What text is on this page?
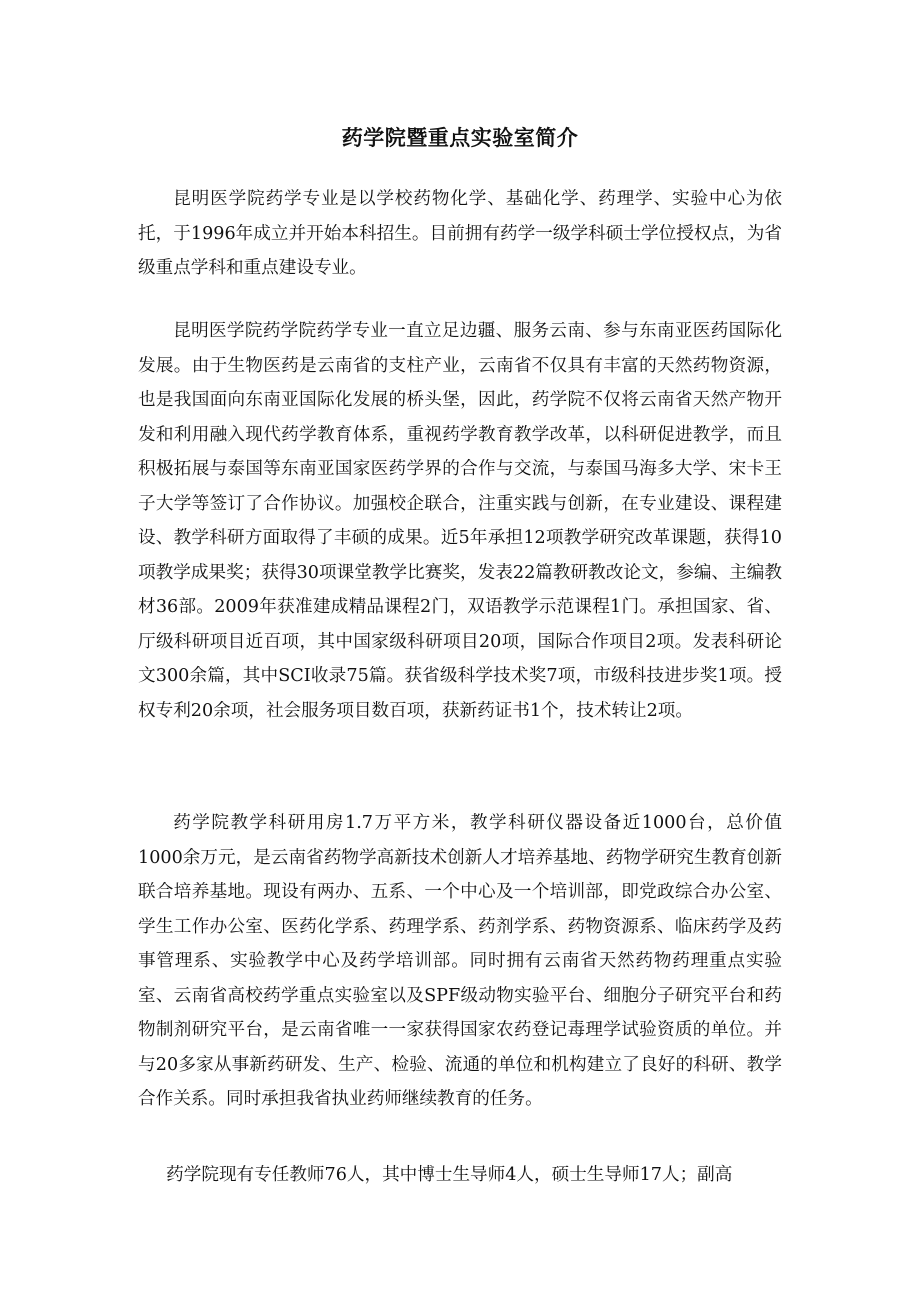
药学院暨重点实验室简介

昆明医学院药学专业是以学校药物化学、基础化学、药理学、实验中心为依托，于1996年成立并开始本科招生。目前拥有药学一级学科硕士学位授权点，为省级重点学科和重点建设专业。

昆明医学院药学院药学专业一直立足边疆、服务云南、参与东南亚医药国际化发展。由于生物医药是云南省的支柱产业，云南省不仅具有丰富的天然药物资源，也是我国面向东南亚国际化发展的桥头堡，因此，药学院不仅将云南省天然产物开发和利用融入现代药学教育体系，重视药学教育教学改革，以科研促进教学，而且积极拓展与泰国等东南亚国家医药学界的合作与交流，与泰国马海多大学、宋卡王子大学等签订了合作协议。加强校企联合，注重实践与创新，在专业建设、课程建设、教学科研方面取得了丰硕的成果。近5年承担12项教学研究改革课题，获得10项教学成果奖；获得30项课堂教学比赛奖，发表22篇教研教改论文，参编、主编教材36部。2009年获准建成精品课程2门，双语教学示范课程1门。承担国家、省、厅级科研项目近百项，其中国家级科研项目20项，国际合作项目2项。发表科研论文300余篇，其中SCI收录75篇。获省级科学技术奖7项，市级科技进步奖1项。授权专利20余项，社会服务项目数百项，获新药证书1个，技术转让2项。

药学院教学科研用房1.7万平方米，教学科研仪器设备近1000台，总价值1000余万元，是云南省药物学高新技术创新人才培养基地、药物学研究生教育创新联合培养基地。现设有两办、五系、一个中心及一个培训部，即党政综合办公室、学生工作办公室、医药化学系、药理学系、药剂学系、药物资源系、临床药学及药事管理系、实验教学中心及药学培训部。同时拥有云南省天然药物药理重点实验室、云南省高校药学重点实验室以及SPF级动物实验平台、细胞分子研究平台和药物制剂研究平台，是云南省唯一一家获得国家农药登记毒理学试验资质的单位。并与20多家从事新药研发、生产、检验、流通的单位和机构建立了良好的科研、教学合作关系。同时承担我省执业药师继续教育的任务。

药学院现有专任教师76人，其中博士生导师4人，硕士生导师17人；副高
